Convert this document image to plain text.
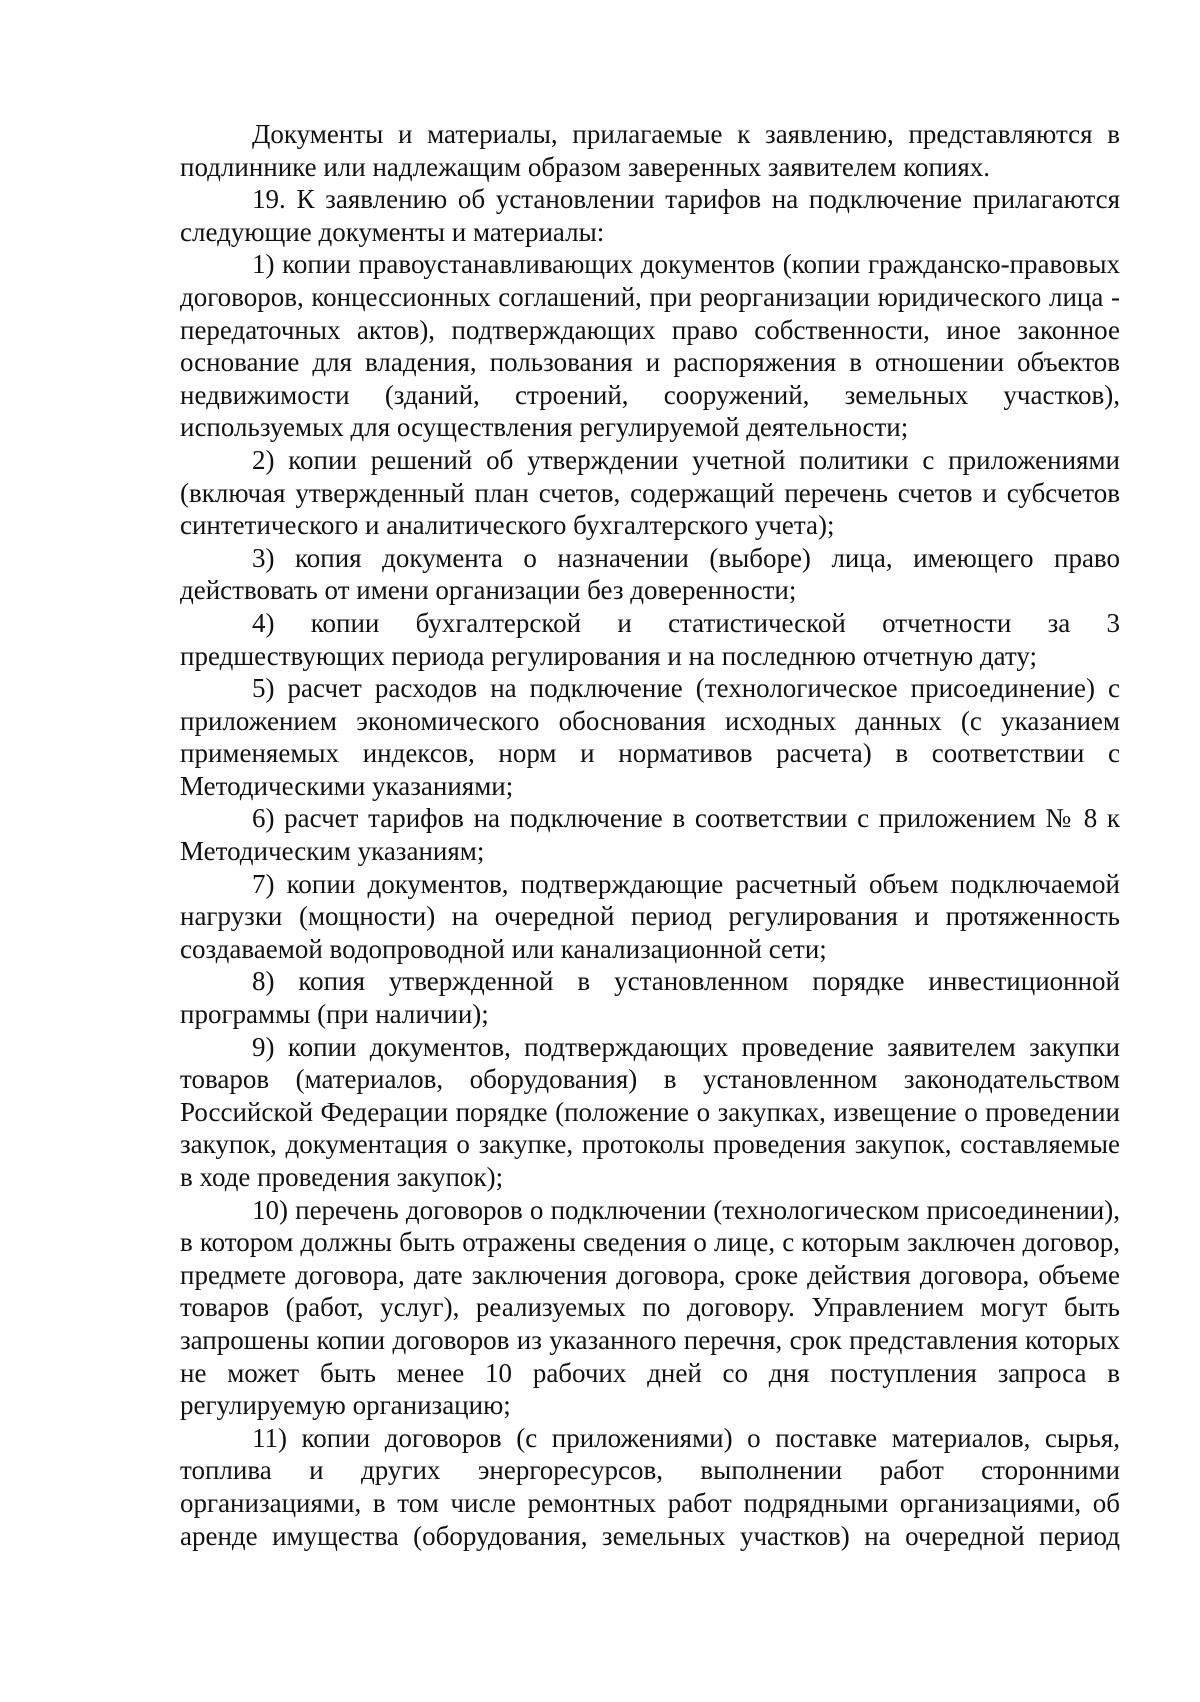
Документы и материалы, прилагаемые к заявлению, представляются в подлиннике или надлежащим образом заверенных заявителем копиях.

19. К заявлению об установлении тарифов на подключение прилагаются следующие документы и материалы:

1) копии правоустанавливающих документов (копии гражданско-правовых договоров, концессионных соглашений, при реорганизации юридического лица - передаточных актов), подтверждающих право собственности, иное законное основание для владения, пользования и распоряжения в отношении объектов недвижимости (зданий, строений, сооружений, земельных участков), используемых для осуществления регулируемой деятельности;

2) копии решений об утверждении учетной политики с приложениями (включая утвержденный план счетов, содержащий перечень счетов и субсчетов синтетического и аналитического бухгалтерского учета);

3) копия документа о назначении (выборе) лица, имеющего право действовать от имени организации без доверенности;

4) копии бухгалтерской и статистической отчетности за 3 предшествующих периода регулирования и на последнюю отчетную дату;

5) расчет расходов на подключение (технологическое присоединение) с приложением экономического обоснования исходных данных (с указанием применяемых индексов, норм и нормативов расчета) в соответствии с Методическими указаниями;

6) расчет тарифов на подключение в соответствии с приложением № 8 к Методическим указаниям;

7) копии документов, подтверждающие расчетный объем подключаемой нагрузки (мощности) на очередной период регулирования и протяженность создаваемой водопроводной или канализационной сети;

8) копия утвержденной в установленном порядке инвестиционной программы (при наличии);

9) копии документов, подтверждающих проведение заявителем закупки товаров (материалов, оборудования) в установленном законодательством Российской Федерации порядке (положение о закупках, извещение о проведении закупок, документация о закупке, протоколы проведения закупок, составляемые в ходе проведения закупок);

10) перечень договоров о подключении (технологическом присоединении), в котором должны быть отражены сведения о лице, с которым заключен договор, предмете договора, дате заключения договора, сроке действия договора, объеме товаров (работ, услуг), реализуемых по договору. Управлением могут быть запрошены копии договоров из указанного перечня, срок представления которых не может быть менее 10 рабочих дней со дня поступления запроса в регулируемую организацию;

11) копии договоров (с приложениями) о поставке материалов, сырья, топлива и других энергоресурсов, выполнении работ сторонними организациями, в том числе ремонтных работ подрядными организациями, об аренде имущества (оборудования, земельных участков) на очередной период
